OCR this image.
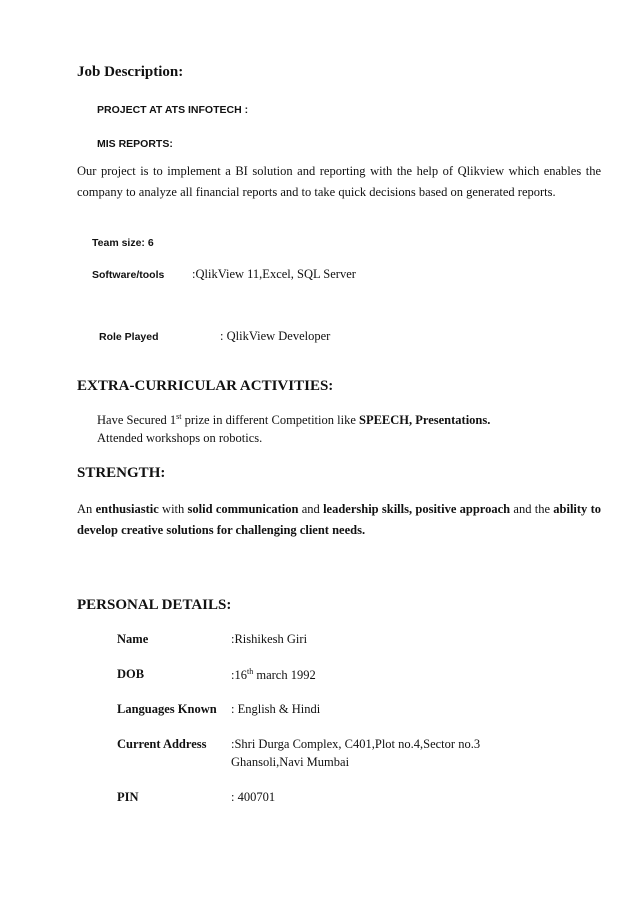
Job Description:
PROJECT AT ATS INFOTECH :
MIS REPORTS:
Our project is to implement a BI solution and reporting with the help of Qlikview which enables the company to analyze all financial reports and to take quick decisions based on generated reports.
Team size: 6
Software/tools :QlikView 11,Excel, SQL Server
Role Played	: QlikView Developer
EXTRA-CURRICULAR ACTIVITIES:
Have Secured 1st prize in different Competition like SPEECH, Presentations.
Attended workshops on robotics.
STRENGTH:
An enthusiastic with solid communication and leadership skills, positive approach and the ability to develop creative solutions for challenging client needs.
PERSONAL DETAILS:
Name	:Rishikesh Giri
DOB	:16th march 1992
Languages Known : English & Hindi
Current Address :Shri Durga Complex, C401,Plot no.4,Sector no.3
Ghansoli,Navi Mumbai
PIN	: 400701
